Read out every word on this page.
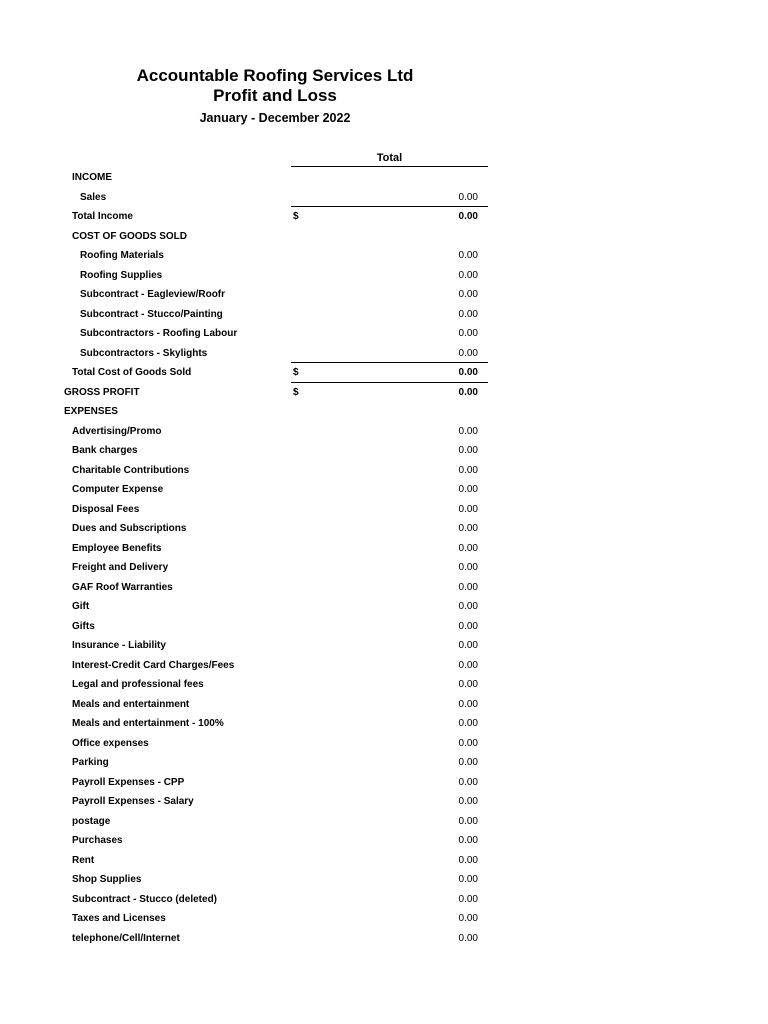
Accountable Roofing Services Ltd
Profit and Loss
January - December 2022
Total
INCOME
Sales	0.00
Total Income	$	0.00
COST OF GOODS SOLD
Roofing Materials	0.00
Roofing Supplies	0.00
Subcontract - Eagleview/Roofr	0.00
Subcontract - Stucco/Painting	0.00
Subcontractors - Roofing Labour	0.00
Subcontractors - Skylights	0.00
Total Cost of Goods Sold	$	0.00
GROSS PROFIT	$	0.00
EXPENSES
Advertising/Promo	0.00
Bank charges	0.00
Charitable Contributions	0.00
Computer Expense	0.00
Disposal Fees	0.00
Dues and Subscriptions	0.00
Employee Benefits	0.00
Freight and Delivery	0.00
GAF Roof Warranties	0.00
Gift	0.00
Gifts	0.00
Insurance - Liability	0.00
Interest-Credit Card Charges/Fees	0.00
Legal and professional fees	0.00
Meals and entertainment	0.00
Meals and entertainment - 100%	0.00
Office expenses	0.00
Parking	0.00
Payroll Expenses - CPP	0.00
Payroll Expenses - Salary	0.00
postage	0.00
Purchases	0.00
Rent	0.00
Shop Supplies	0.00
Subcontract - Stucco (deleted)	0.00
Taxes and Licenses	0.00
telephone/Cell/Internet	0.00
